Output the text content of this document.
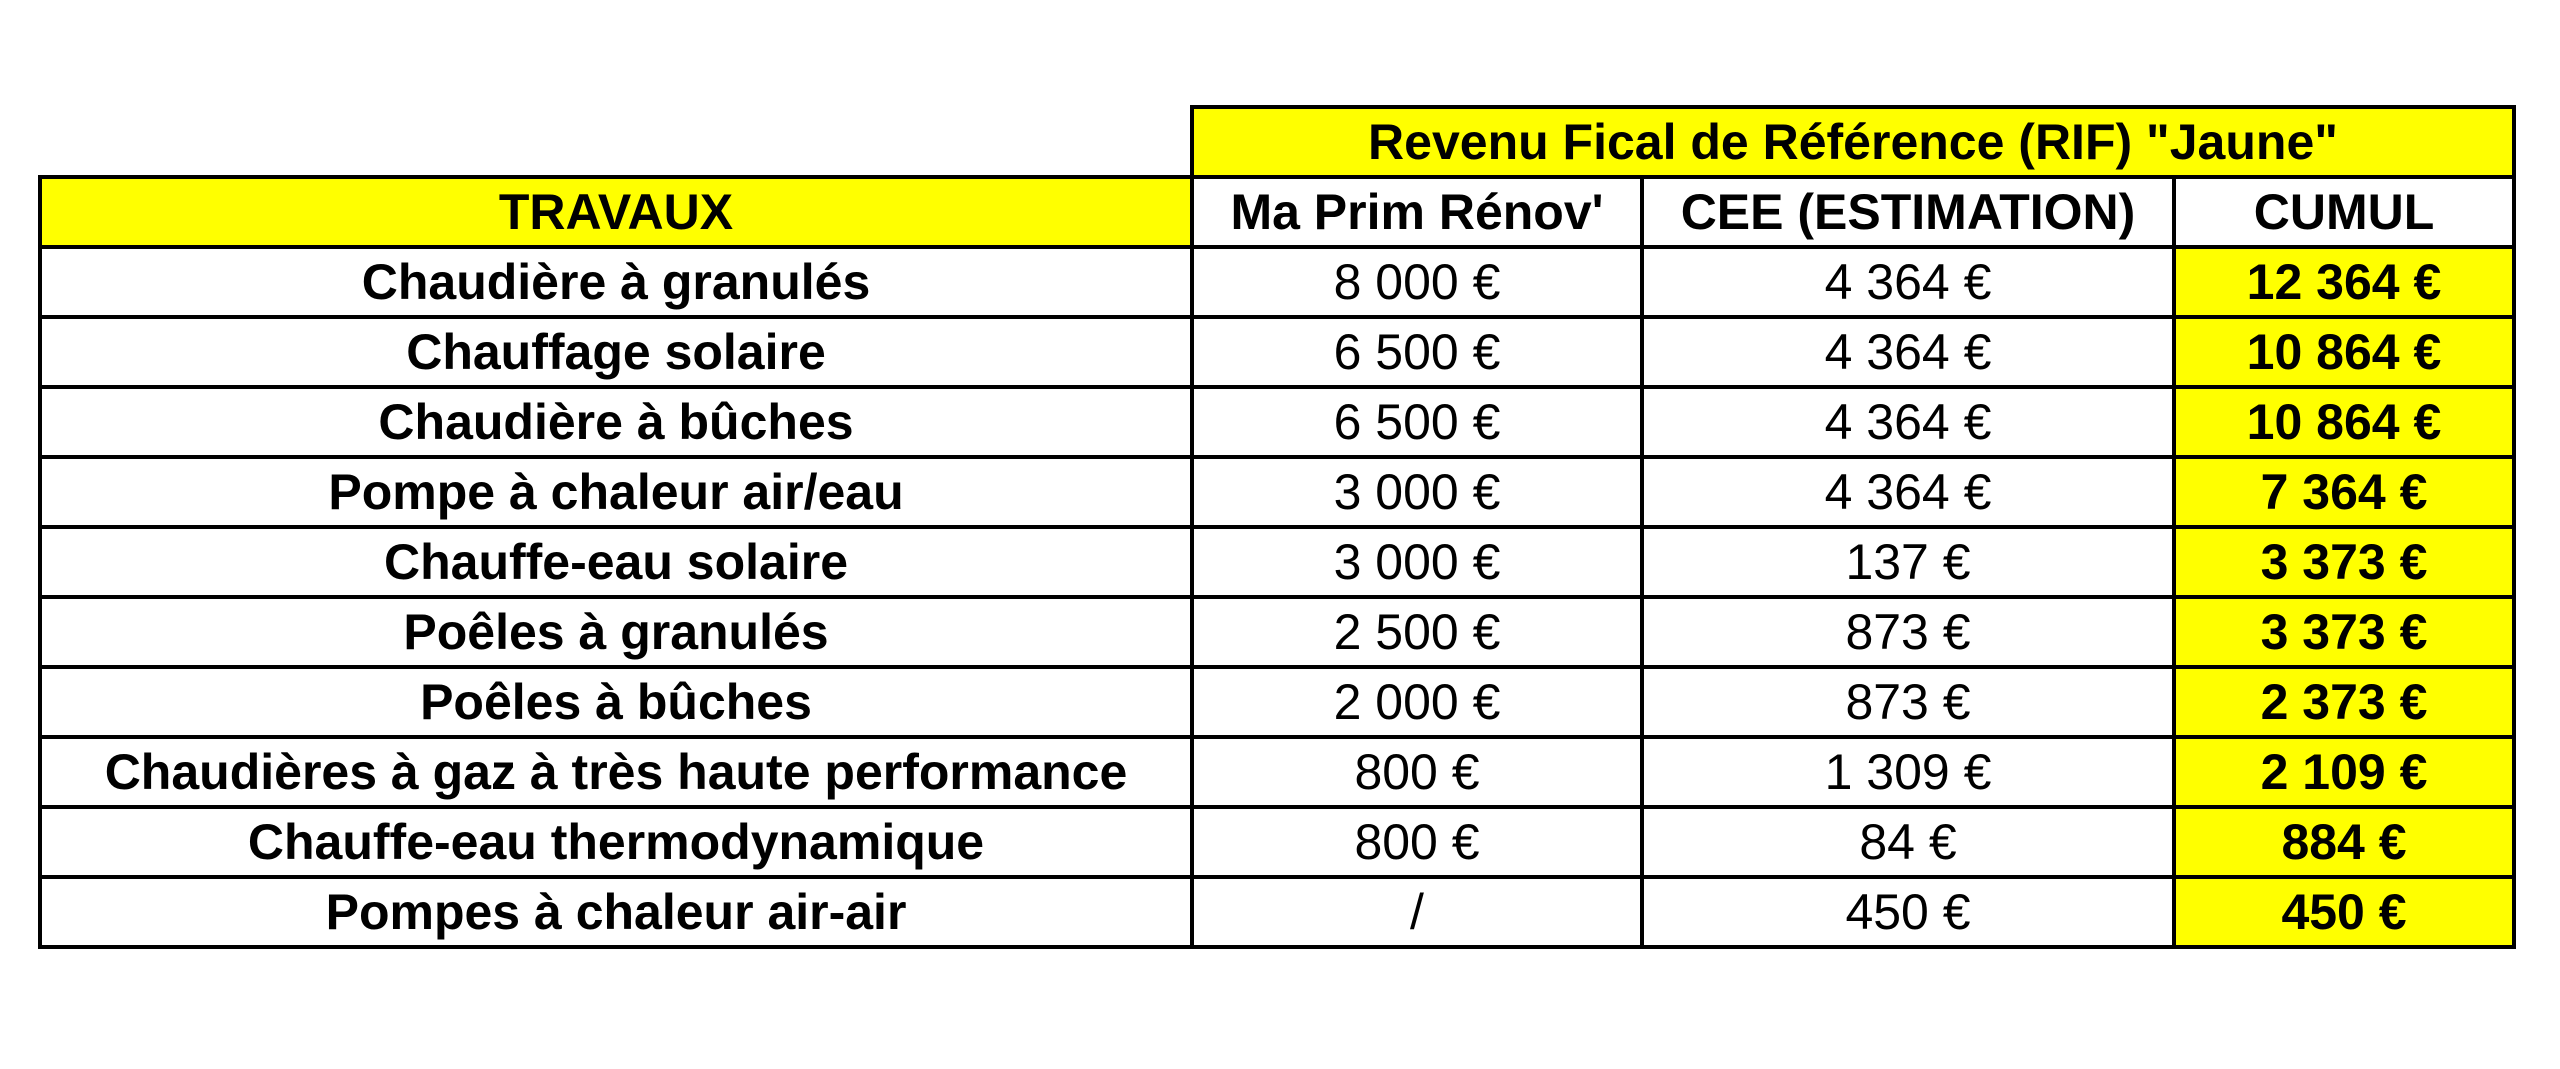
	Revenu Fical de Référence (RIF) "Jaune"		
TRAVAUX	Ma Prim Rénov'	CEE (ESTIMATION)	CUMUL
Chaudière à granulés	8 000 €	4 364 €	12 364 €
Chauffage solaire	6 500 €	4 364 €	10 864 €
Chaudière à bûches	6 500 €	4 364 €	10 864 €
Pompe à chaleur air/eau	3 000 €	4 364 €	7 364 €
Chauffe-eau solaire	3 000 €	137 €	3 373 €
Poêles à granulés	2 500 €	873 €	3 373 €
Poêles à bûches	2 000 €	873 €	2 373 €
Chaudières à gaz à très haute performance	800 €	1 309 €	2 109 €
Chauffe-eau thermodynamique	800 €	84 €	884 €
Pompes à chaleur air-air	/	450 €	450 €
